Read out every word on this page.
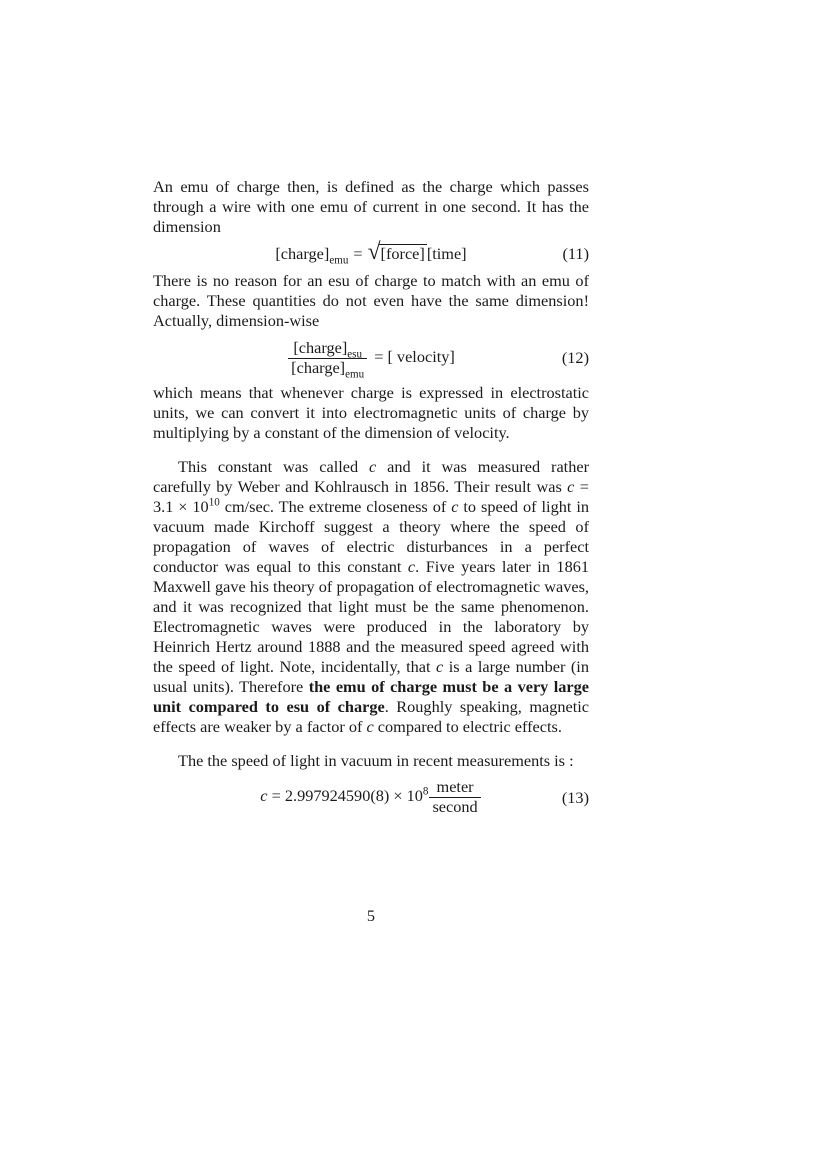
An emu of charge then, is defined as the charge which passes through a wire with one emu of current in one second. It has the dimension

$[charge]_{emu}$ = √[force] [time]	(11)

There is no reason for an esu of charge to match with an emu of charge. These quantities do not even have the same dimension! Actually, dimension-wise

$\frac{[charge]_{esu}}{[charge]_{emu}}$ = [ velocity]	(12)

which means that whenever charge is expressed in electrostatic units, we can convert it into electromagnetic units of charge by multiplying by a constant of the dimension of velocity.

This constant was called c and it was measured rather carefully by Weber and Kohlrausch in 1856. Their result was $c = 3.1 \times 10^{10}$ cm/sec. The extreme closeness of c to speed of light in vacuum made Kirchoff suggest a theory where the speed of propagation of waves of electric disturbances in a perfect conductor was equal to this constant c. Five years later in 1861 Maxwell gave his theory of propagation of electromagnetic waves, and it was recognized that light must be the same phenomenon. Electromagnetic waves were produced in the laboratory by Heinrich Hertz around 1888 and the measured speed agreed with the speed of light. Note, incidentally, that c is a large number (in usual units). Therefore the emu of charge must be a very large unit compared to esu of charge. Roughly speaking, magnetic effects are weaker by a factor of c compared to electric effects.

The the speed of light in vacuum in recent measurements is :

$c = 2.997924590(8) \times 10^8 \frac{\text{meter}}{\text{second}}$	(13)
5
